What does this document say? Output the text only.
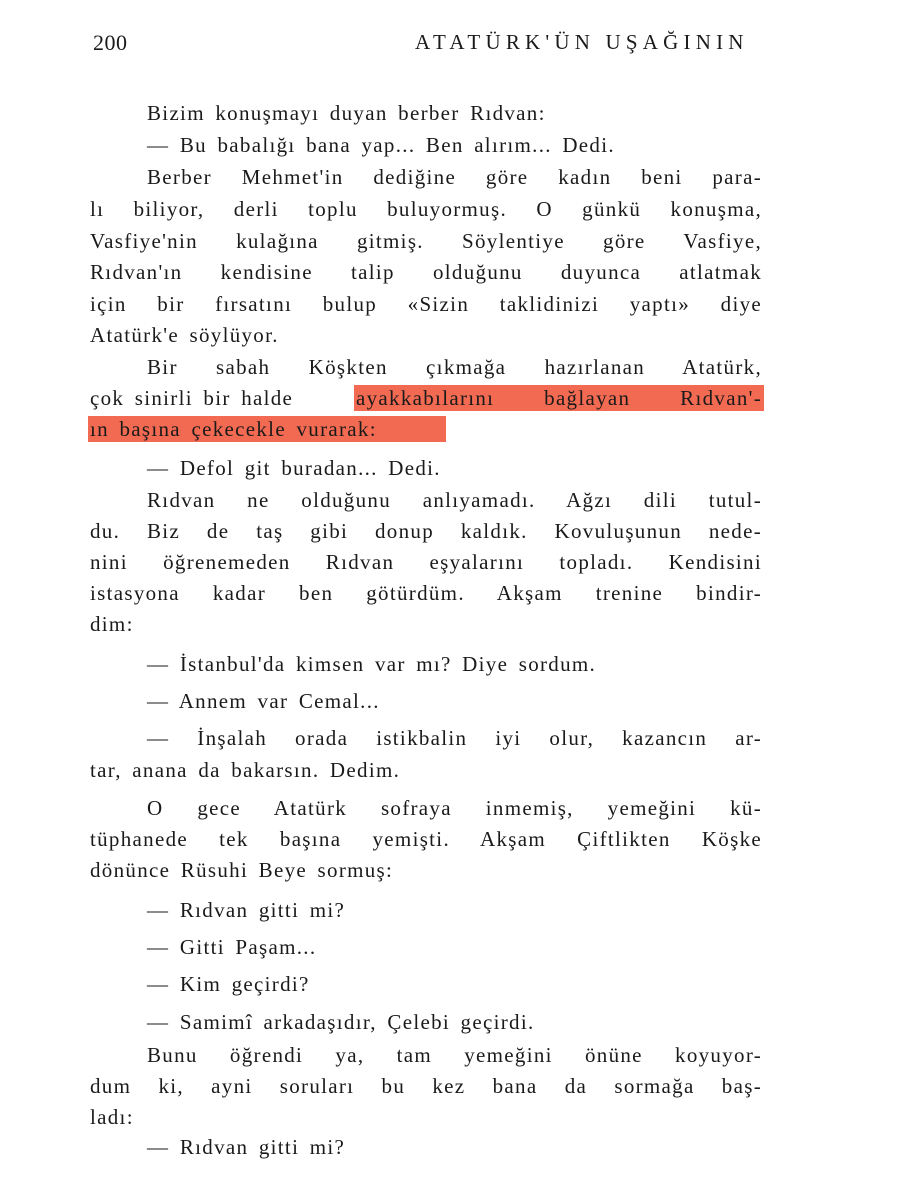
200	ATATÜRK'ÜN UŞAĞININ
Bizim konuşmayı duyan berber Rıdvan:
— Bu babalığı bana yap... Ben alırım... Dedi.
Berber Mehmet'in dediğine göre kadın beni para-
lı biliyor, derli toplu buluyormuş. O günkü konuşma,
Vasfiye'nin kulağına gitmiş. Söylentiye göre Vasfiye,
Rıdvan'ın kendisine talip olduğunu duyunca atlatmak
için bir fırsatını bulup «Sizin taklidinizi yaptı» diye
Atatürk'e söylüyor.
Bir sabah Köşkten çıkmağa hazırlanan Atatürk,
çok sinirli bir halde	ayakkabılarını bağlayan Rıdvan'-
ın başına çekecekle vurarak:
— Defol git buradan... Dedi.
Rıdvan ne olduğunu anlıyamadı. Ağzı dili tutul-
du. Biz de taş gibi donup kaldık. Kovuluşunun nede-
nini öğrenemeden Rıdvan eşyalarını topladı. Kendisini
istasyona kadar ben götürdüm. Akşam trenine bindir-
dim:
— İstanbul'da kimsen var mı? Diye sordum.
— Annem var Cemal...
— İnşalah orada istikbalin iyi olur, kazancın ar-
tar, anana da bakarsın. Dedim.
O gece Atatürk sofraya inmemiş, yemeğini kü-
tüphanede tek başına yemişti. Akşam Çiftlikten Köşke
dönünce Rüsuhi Beye sormuş:
— Rıdvan gitti mi?
— Gitti Paşam...
— Kim geçirdi?
— Samimî arkadaşıdır, Çelebi geçirdi.
Bunu öğrendi ya, tam yemeğini önüne koyuyor-
dum ki, ayni soruları bu kez bana da sormağa baş-
ladı:
— Rıdvan gitti mi?
